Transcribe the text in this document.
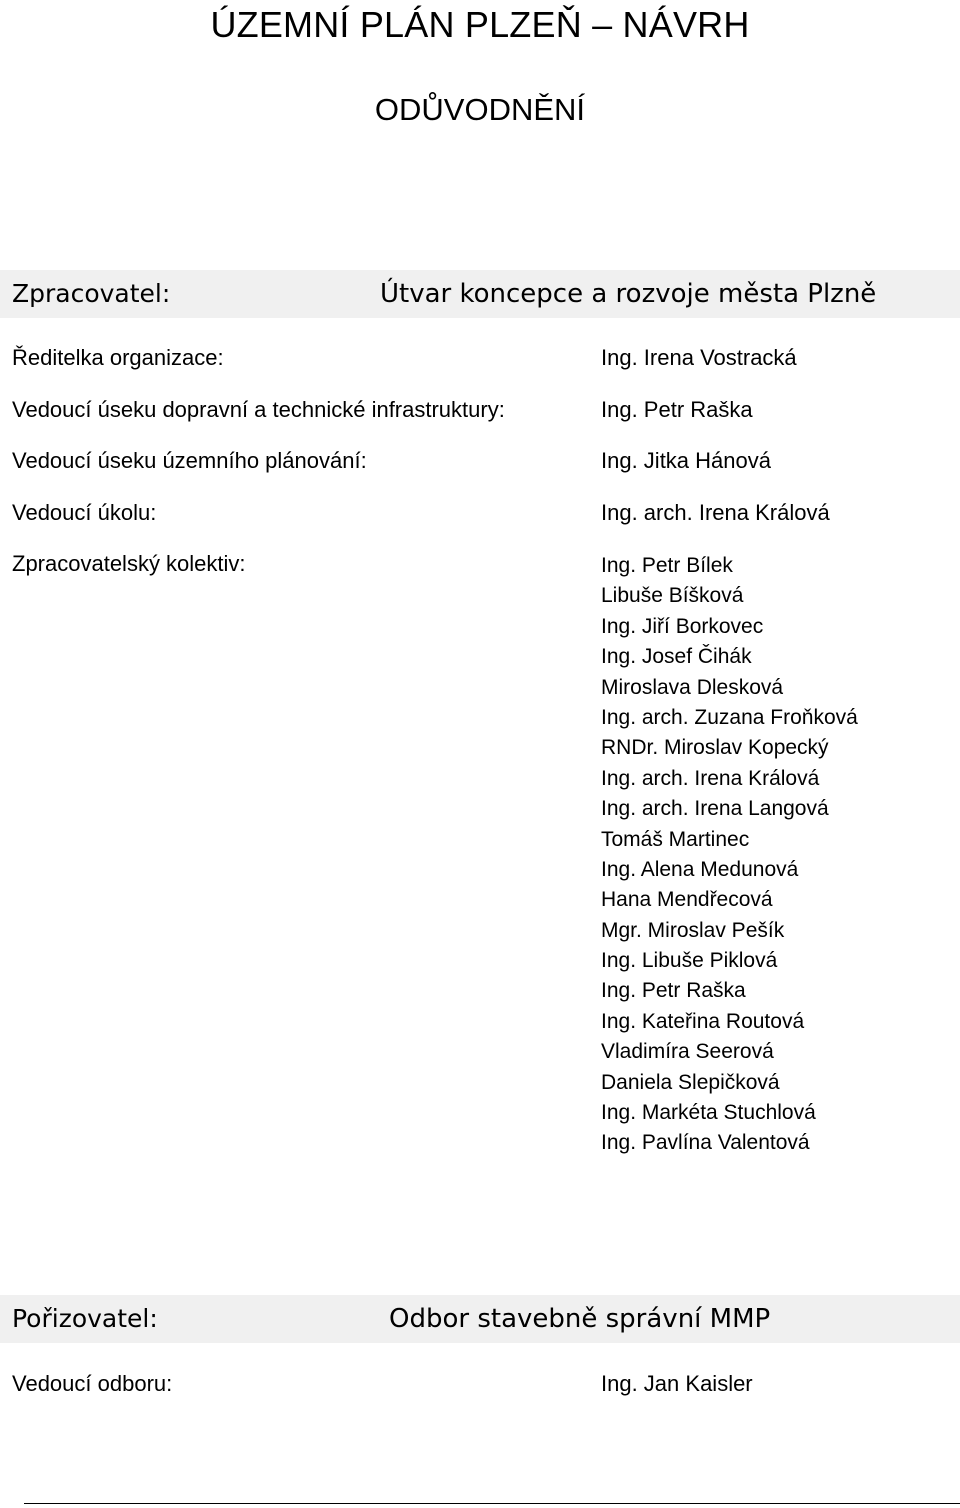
ÚZEMNÍ PLÁN PLZEŇ – NÁVRH
ODŮVODNĚNÍ
Zpracovatel:	Útvar koncepce a rozvoje města Plzně
Ředitelka organizace:	Ing. Irena Vostracká
Vedoucí úseku dopravní a technické infrastruktury:	Ing. Petr Raška
Vedoucí úseku územního plánování:	Ing. Jitka Hánová
Vedoucí úkolu:	Ing. arch. Irena Králová
Zpracovatelský kolektiv:	Ing. Petr Bílek
Libuše Bíšková
Ing. Jiří Borkovec
Ing. Josef Čihák
Miroslava Dlesková
Ing. arch. Zuzana Froňková
RNDr. Miroslav Kopecký
Ing. arch. Irena Králová
Ing. arch. Irena Langová
Tomáš Martinec
Ing. Alena Medunová
Hana Mendřecová
Mgr. Miroslav Pešík
Ing. Libuše Piklová
Ing. Petr Raška
Ing. Kateřina Routová
Vladimíra Seerová
Daniela Slepičková
Ing. Markéta Stuchlová
Ing. Pavlína Valentová
Pořizovatel:	Odbor stavebně správní MMP
Vedoucí odboru:	Ing. Jan Kaisler
